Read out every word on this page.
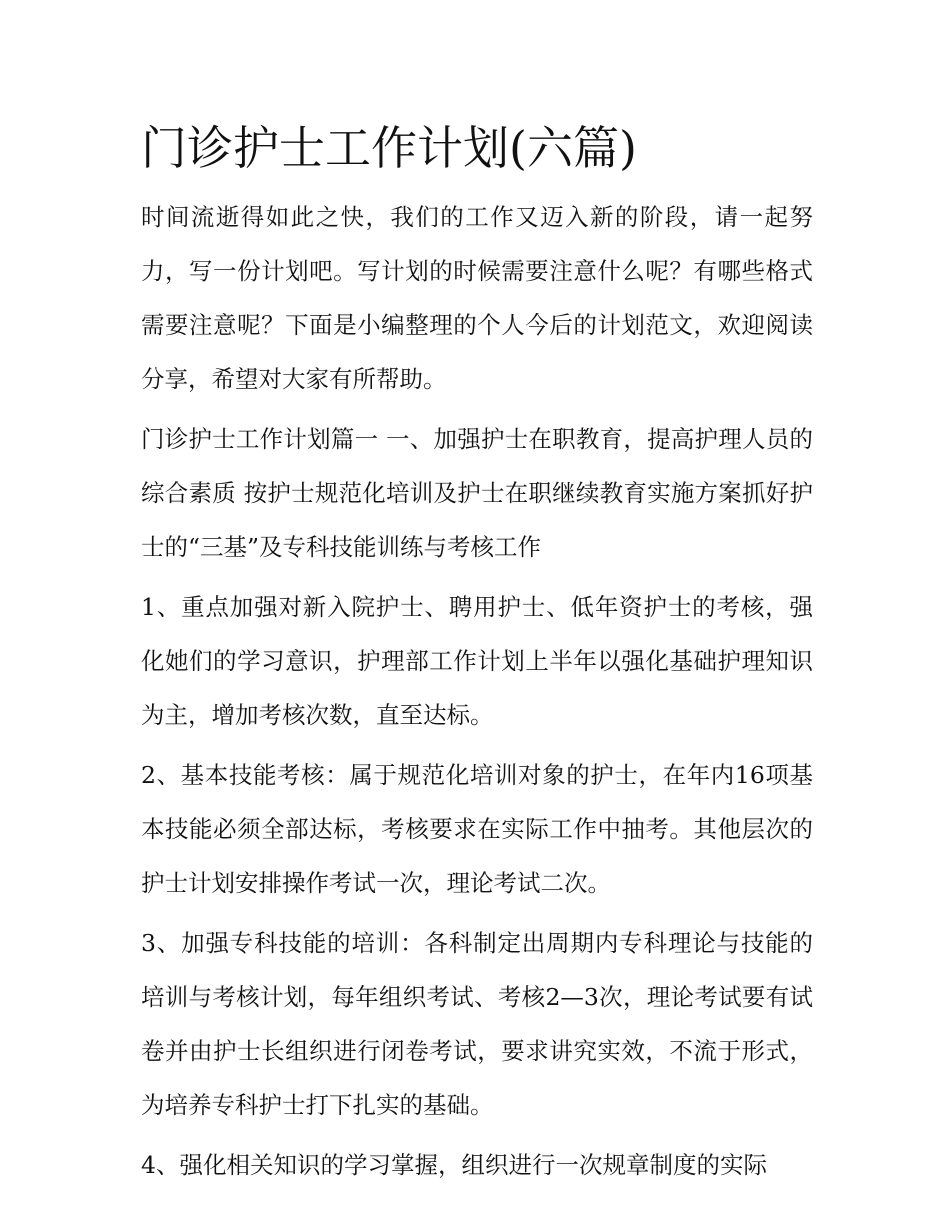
门诊护士工作计划(六篇)

时间流逝得如此之快，我们的工作又迈入新的阶段，请一起努力，写一份计划吧。写计划的时候需要注意什么呢？有哪些格式需要注意呢？下面是小编整理的个人今后的计划范文，欢迎阅读分享，希望对大家有所帮助。

门诊护士工作计划篇一 一、加强护士在职教育，提高护理人员的综合素质 按护士规范化培训及护士在职继续教育实施方案抓好护士的“三基”及专科技能训练与考核工作

1、重点加强对新入院护士、聘用护士、低年资护士的考核，强化她们的学习意识，护理部工作计划上半年以强化基础护理知识为主，增加考核次数，直至达标。

2、基本技能考核：属于规范化培训对象的护士，在年内16项基本技能必须全部达标，考核要求在实际工作中抽考。其他层次的护士计划安排操作考试一次，理论考试二次。

3、加强专科技能的培训：各科制定出周期内专科理论与技能的培训与考核计划，每年组织考试、考核2—3次，理论考试要有试卷并由护士长组织进行闭卷考试，要求讲究实效，不流于形式，为培养专科护士打下扎实的基础。

4、强化相关知识的学习掌握，组织进行一次规章制度的实际
